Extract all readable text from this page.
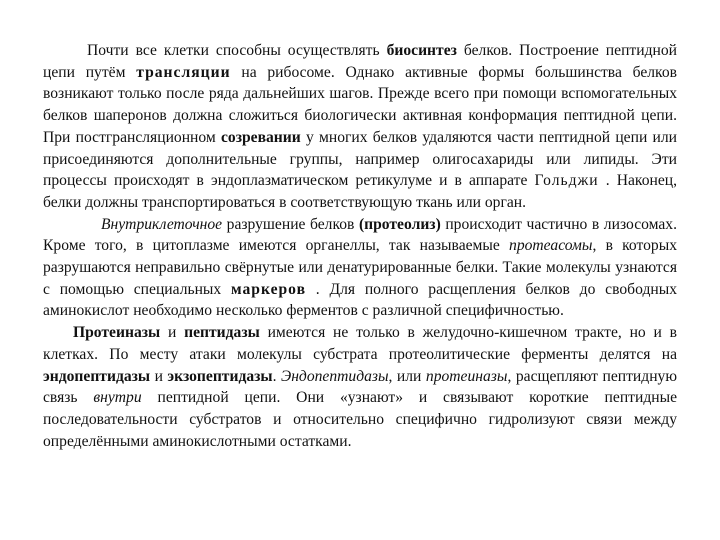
Почти все клетки способны осуществлять биосинтез белков. Построение пептидной цепи путём трансляции на рибосоме. Однако активные формы большинства белков возникают только после ряда дальнейших шагов. Прежде всего при помощи вспомогательных белков шаперонов должна сложиться биологически активная конформация пептидной цепи. При постгрансляционном созревании у многих белков удаляются части пептидной цепи или присоединяются дополнительные группы, например олигосахариды или липиды. Эти процессы происходят в эндоплазматическом ретикулуме и в аппарате Гольджи . Наконец, белки должны транспортироваться в соответствующую ткань или орган.

Внутриклеточное разрушение белков (протеолиз) происходит частично в лизосомах. Кроме того, в цитоплазме имеются органеллы, так называемые протеасомы, в которых разрушаются неправильно свёрнутые или денатурированные белки. Такие молекулы узнаются с помощью специальных маркеров . Для полного расщепления белков до свободных аминокислот необходимо несколько ферментов с различной специфичностью.

Протеиназы и пептидазы имеются не только в желудочно-кишечном тракте, но и в клетках. По месту атаки молекулы субстрата протеолитические ферменты делятся на эндопептидазы и экзопептидазы. Эндопептидазы, или протеиназы, расщепляют пептидную связь внутри пептидной цепи. Они «узнают» и связывают короткие пептидные последовательности субстратов и относительно специфично гидролизуют связи между определёнными аминокислотными остатками.
